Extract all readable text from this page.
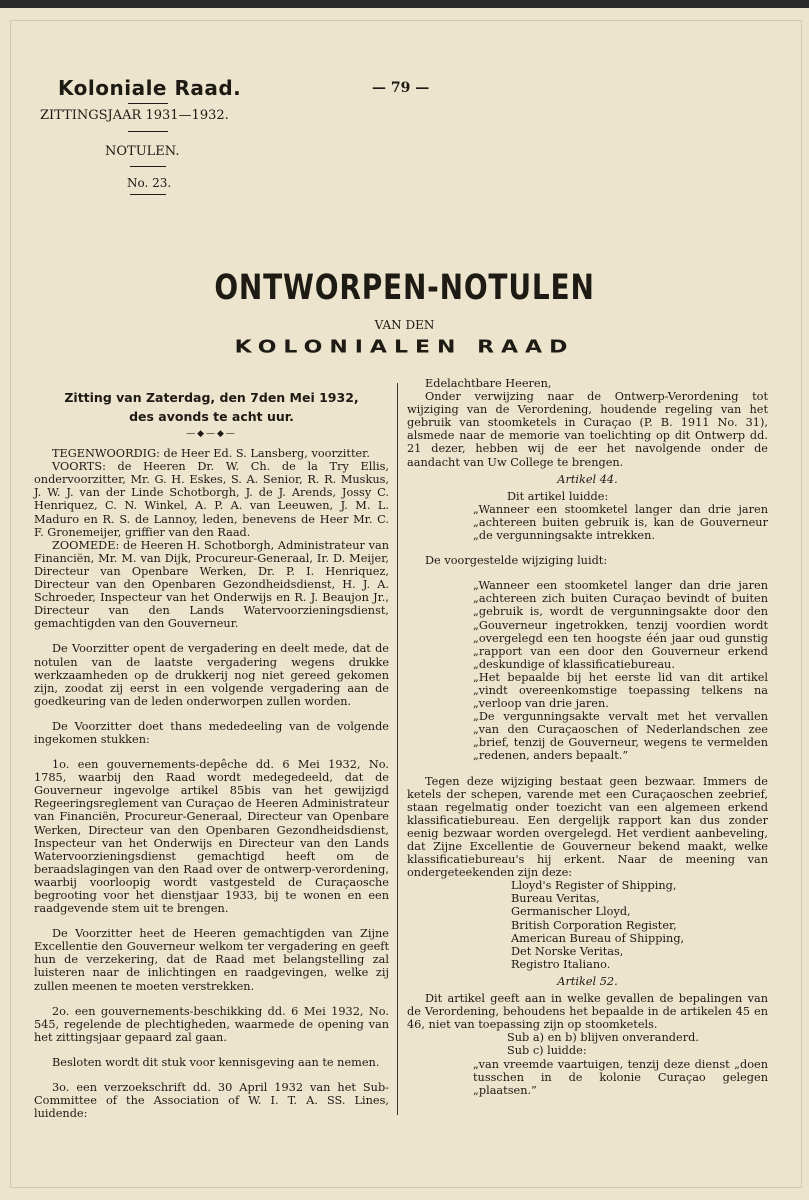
Koloniale Raad.
ZITTINGSJAAR 1931—1932.
— 79 —
NOTULEN.
No. 23.
ONTWORPEN-NOTULEN
VAN DEN
KOLONIALEN RAAD
Zitting van Zaterdag, den 7den Mei 1932,
des avonds te acht uur.
—◆—◆—

TEGENWOORDIG: de Heer Ed. S. Lansberg, voorzitter.

VOORTS: de Heeren Dr. W. Ch. de la Try Ellis, ondervoorzitter, Mr. G. H. Eskes, S. A. Senior, R. R. Muskus, J. W. J. van der Linde Schotborgh, J. de J. Arends, Jossy C. Henriquez, C. N. Winkel, A. P. A. van Leeuwen, J. M. L. Maduro en R. S. de Lannoy, leden, benevens de Heer Mr. C. F. Gronemeijer, griffier van den Raad.

ZOOMEDE: de Heeren H. Schotborgh, Administrateur van Financiën, Mr. M. van Dijk, Procureur-Generaal, Ir. D. Meijer, Directeur van Openbare Werken, Dr. P. I. Henriquez, Directeur van den Openbaren Gezondheidsdienst, H. J. A. Schroeder, Inspecteur van het Onderwijs en R. J. Beaujon Jr., Directeur van den Lands Watervoorzieningsdienst, gemachtigden van den Gouverneur.

De Voorzitter opent de vergadering en deelt mede, dat de notulen van de laatste vergadering wegens drukke werkzaamheden op de drukkerij nog niet gereed gekomen zijn, zoodat zij eerst in een volgende vergadering aan de goedkeuring van de leden onderworpen zullen worden.

De Voorzitter doet thans mededeeling van de volgende ingekomen stukken:

1o. een gouvernements-depêche dd. 6 Mei 1932, No. 1785, waarbij den Raad wordt medegedeeld, dat de Gouverneur ingevolge artikel 85bis van het gewijzigd Regeeringsreglement van Curaçao de Heeren Administrateur van Financiën, Procureur-Generaal, Directeur van Openbare Werken, Directeur van den Openbaren Gezondheidsdienst, Inspecteur van het Onderwijs en Directeur van den Lands Watervoorzieningsdienst gemachtigd heeft om de beraadslagingen van den Raad over de ontwerp-verordening, waarbij voorloopig wordt vastgesteld de Curaçaosche begrooting voor het dienstjaar 1933, bij te wonen en een raadgevende stem uit te brengen.

De Voorzitter heet de Heeren gemachtigden van Zijne Excellentie den Gouverneur welkom ter vergadering en geeft hun de verzekering, dat de Raad met belangstelling zal luisteren naar de inlichtingen en raadgevingen, welke zij zullen meenen te moeten verstrekken.

2o. een gouvernements-beschikking dd. 6 Mei 1932, No. 545, regelende de plechtigheden, waarmede de opening van het zittingsjaar gepaard zal gaan.

Besloten wordt dit stuk voor kennisgeving aan te nemen.

3o. een verzoekschrift dd. 30 April 1932 van het Sub-Committee of the Association of W. I. T. A. SS. Lines, luidende:

Edelachtbare Heeren,

Onder verwijzing naar de Ontwerp-Verordening tot wijziging van de Verordening, houdende regeling van het gebruik van stoomketels in Curaçao (P. B. 1911 No. 31), alsmede naar de memorie van toelichting op dit Ontwerp dd. 21 dezer, hebben wij de eer het navolgende onder de aandacht van Uw College te brengen.

Artikel 44.

Dit artikel luidde:

„Wanneer een stoomketel langer dan drie jaren „achtereen buiten gebruik is, kan de Gouverneur „de vergunningsakte intrekken.

De voorgestelde wijziging luidt:

„Wanneer een stoomketel langer dan drie jaren „achtereen zich buiten Curaçao bevindt of buiten „gebruik is, wordt de vergunningsakte door den „Gouverneur ingetrokken, tenzij voordien wordt „overgelegd een ten hoogste één jaar oud gunstig „rapport van een door den Gouverneur erkend „deskundige of klassificatiebureau.

„Het bepaalde bij het eerste lid van dit artikel „vindt overeenkomstige toepassing telkens na „verloop van drie jaren.

„De vergunningsakte vervalt met het vervallen „van den Curaçaoschen of Nederlandschen zee „brief, tenzij de Gouverneur, wegens te vermelden „redenen, anders bepaalt.”

Tegen deze wijziging bestaat geen bezwaar. Immers de ketels der schepen, varende met een Curaçaoschen zeebrief, staan regelmatig onder toezicht van een algemeen erkend klassificatiebureau. Een dergelijk rapport kan dus zonder eenig bezwaar worden overgelegd. Het verdient aanbeveling, dat Zijne Excellentie de Gouverneur bekend maakt, welke klassificatiebureau's hij erkent. Naar de meening van ondergeteekenden zijn deze:

Lloyd's Register of Shipping,
Bureau Veritas,
Germanischer Lloyd,
British Corporation Register,
American Bureau of Shipping,
Det Norske Veritas,
Registro Italiano.

Artikel 52.

Dit artikel geeft aan in welke gevallen de bepalingen van de Verordening, behoudens het bepaalde in de artikelen 45 en 46, niet van toepassing zijn op stoomketels.

Sub a) en b) blijven onveranderd.

Sub c) luidde:

„van vreemde vaartuigen, tenzij deze dienst „doen tusschen in de kolonie Curaçao gelegen „plaatsen.”
